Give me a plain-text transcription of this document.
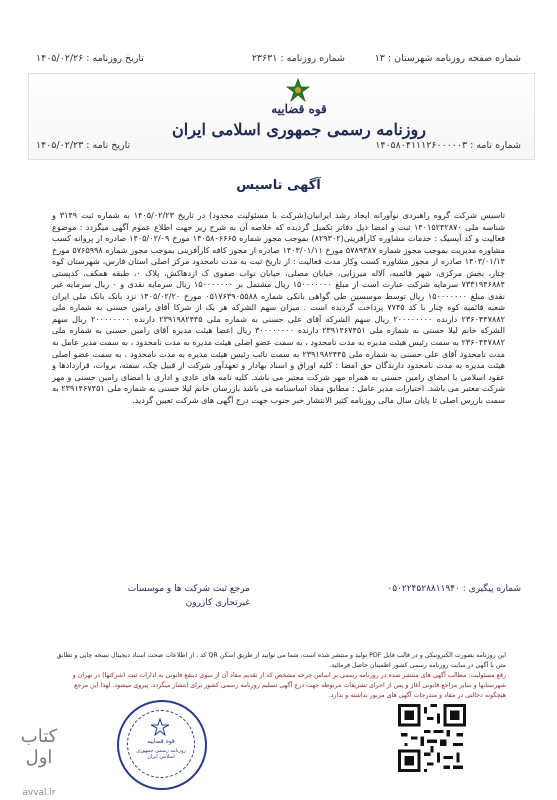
شماره صفحه روزنامه شهرستان : ۱۳
شماره روزنامه : ۲۳۶۳۱
تاریخ روزنامه : ۱۴۰۵/۰۲/۲۶
قوه قضاییه
روزنامه رسمی جمهوری اسلامی ایران
شماره نامه : ۱۴۰۵۸۰۴۱۱۱۲۶۰۰۰۰۰۳
تاریخ نامه : ۱۴۰۵/۰۲/۲۳
آگهی تاسیس
تاسیس شرکت گروه راهبردی نوآورانه ایجاد رشد ایرانیان(شرکت با مسئولیت محدود) در تاریخ ۱۴۰۵/۰۲/۲۳ به شماره ثبت ۳۱۴۹ و شناسه ملی ۱۴۰۱۵۲۴۲۸۷۰ ثبت و امضا ذیل دفاتر تکمیل گردیده که خلاصه آن به شرح زیر جهت اطلاع عموم آگهی میگردد : موضوع فعالیت و کد آیسیک : خدمات مشاوره کارآفرینی(۸۲۹۳۰۲) بموجب مجوز شماره ۱۴۰۵۸۰۶۶۶۵ مورخ ۱۴۰۵/۰۲/۰۹ صادره از پروانه کسب مشاوره مدیریت بموجب مجوز شماره ۵۷۸۹۳۸۷ مورخ ۱۴۰۳/۰۱/۱۱ صادره از مجوز کافه کارآفرینی بموجب مجوز شماره ۵۷۶۵۹۹۸ مورخ ۱۴۰۳/۰۱/۱۴ صادره از مجوز مشاوره کسب وکار مدت فعالیت : از تاریخ ثبت به مدت نامحدود مرکز اصلی استان فارس، شهرستان کوه چنار، بخش مرکزی، شهر قائمیه، آلاله میرزایی، خیابان مصلی، خیابان نواب صفوی ک ازدهاکش، پلاک ۰، طبقه همکف، کدپستی ۷۳۳۱۹۴۶۸۸۴ سرمایه شرکت عبارت است از مبلغ ۱۵۰۰۰۰۰۰۰ ریال مشتمل بر ۱۵۰۰۰۰۰۰۰ ریال سرمایه نقدی و ۰ ریال سرمایه غیر نقدی مبلغ ۱۵۰۰۰۰۰۰۰ ریال توسط موسسین طی گواهی بانکی شماره ۰۵۱۷۶۳۹۰۵۵۸۸ مورخ ۱۴۰۵/۰۲/۲۰ نزد بانک بانک ملی ایران شعبه قائمیه کوه چنار با کد ۷۷۴۵ پرداخت گردیده است . میزان سهم الشرکه هر یک از شرکا آقای رامین حسنی به شماره ملی ۲۳۶۰۴۴۷۸۸۲ دارنده ۲۰۰۰۰۰۰۰۰ ریال سهم الشرکه آقای علی حسنی به شماره ملی ۲۳۹۱۹۸۲۴۴۵ دارنده ۲۰۰۰۰۰۰۰۰ ریال سهم الشرکه خانم لیلا حسنی به شماره ملی ۲۳۹۱۴۶۷۴۵۱ دارنده ۳۰۰۰۰۰۰۰۰ ریال اعضا هیئت مدیره آقای رامین حسنی به شماره ملی ۲۳۶۰۴۴۷۸۸۲ به سمت رئیس هیئت مدیره به مدت نامحدود ، به سمت عضو اصلی هیئت مدیره به مدت نامحدود ، به سمت مدیر عامل به مدت نامحدود آقای علی حسنی به شماره ملی ۲۳۹۱۹۸۲۴۴۵ به سمت نائب رئیس هیئت مدیره به مدت نامحدود ، به سمت عضو اصلی هیئت مدیره به مدت نامحدود دارندگان حق امضا : کلیه اوراق و اسناد بهادار و تعهدآور شرکت از قبیل چک، سفته، بروات، قراردادها و عقود اسلامی با امضای رامین حسنی به همراه مهر شرکت معتبر می باشد. کلیه نامه های عادی و اداری با امضای رامین حسنی و مهر شرکت معتبر می باشد. اختیارات مدیر عامل : مطابق مفاد اساسنامه می باشد بازرسان خانم لیلا حسنی به شماره ملی ۲۳۹۱۴۶۷۴۵۱ به سمت بازرس اصلی تا پایان سال مالی روزنامه کثیر الانتشار خبر جنوب جهت درج آگهی های شرکت تعیین گردید.
شماره پیگیری : ۰۵۰۲۲۴۵۲۸۸۱۱۹۴۰
مرجع ثبت شرکت ها و موسسات
غیرتجاری کازرون
این روزنامه بصورت الکترونیکی و در قالب فایل PDF تولید و منتشر شده است، شما می توانید از طریق اسکن QR کد ، از اطلاعات صحت اسناد دیجیتال نسخه چاپی و تطابق متن با آگهی در سایت روزنامه رسمی کشور اطمینان حاصل فرمائید.
رفع مسئولیت: مطالب آگهی های منتشر شده در روزنامه رسمی بر اساس چرخه مشخص که از تقدیم مفاد آن از سوی ذینفع قانونی به ادارات ثبت (شرکتها) در تهران و شهرستانها و سایر مراجع قانونی آغاز و پس از اجرای تشریفات مربوطه جهت درج آگهی تسلیم روزنامه رسمی کشور برای انتشار میگردد. پیروی میشود. لهذا این مرجع هیچگونه دخالتی در مفاد و مندرجات آگهی های مزبور نداشته و ندارد.
قوه قضاییه
روزنامه رسمی جمهوری اسلامی ایران
کتاب اول
avval.ir
